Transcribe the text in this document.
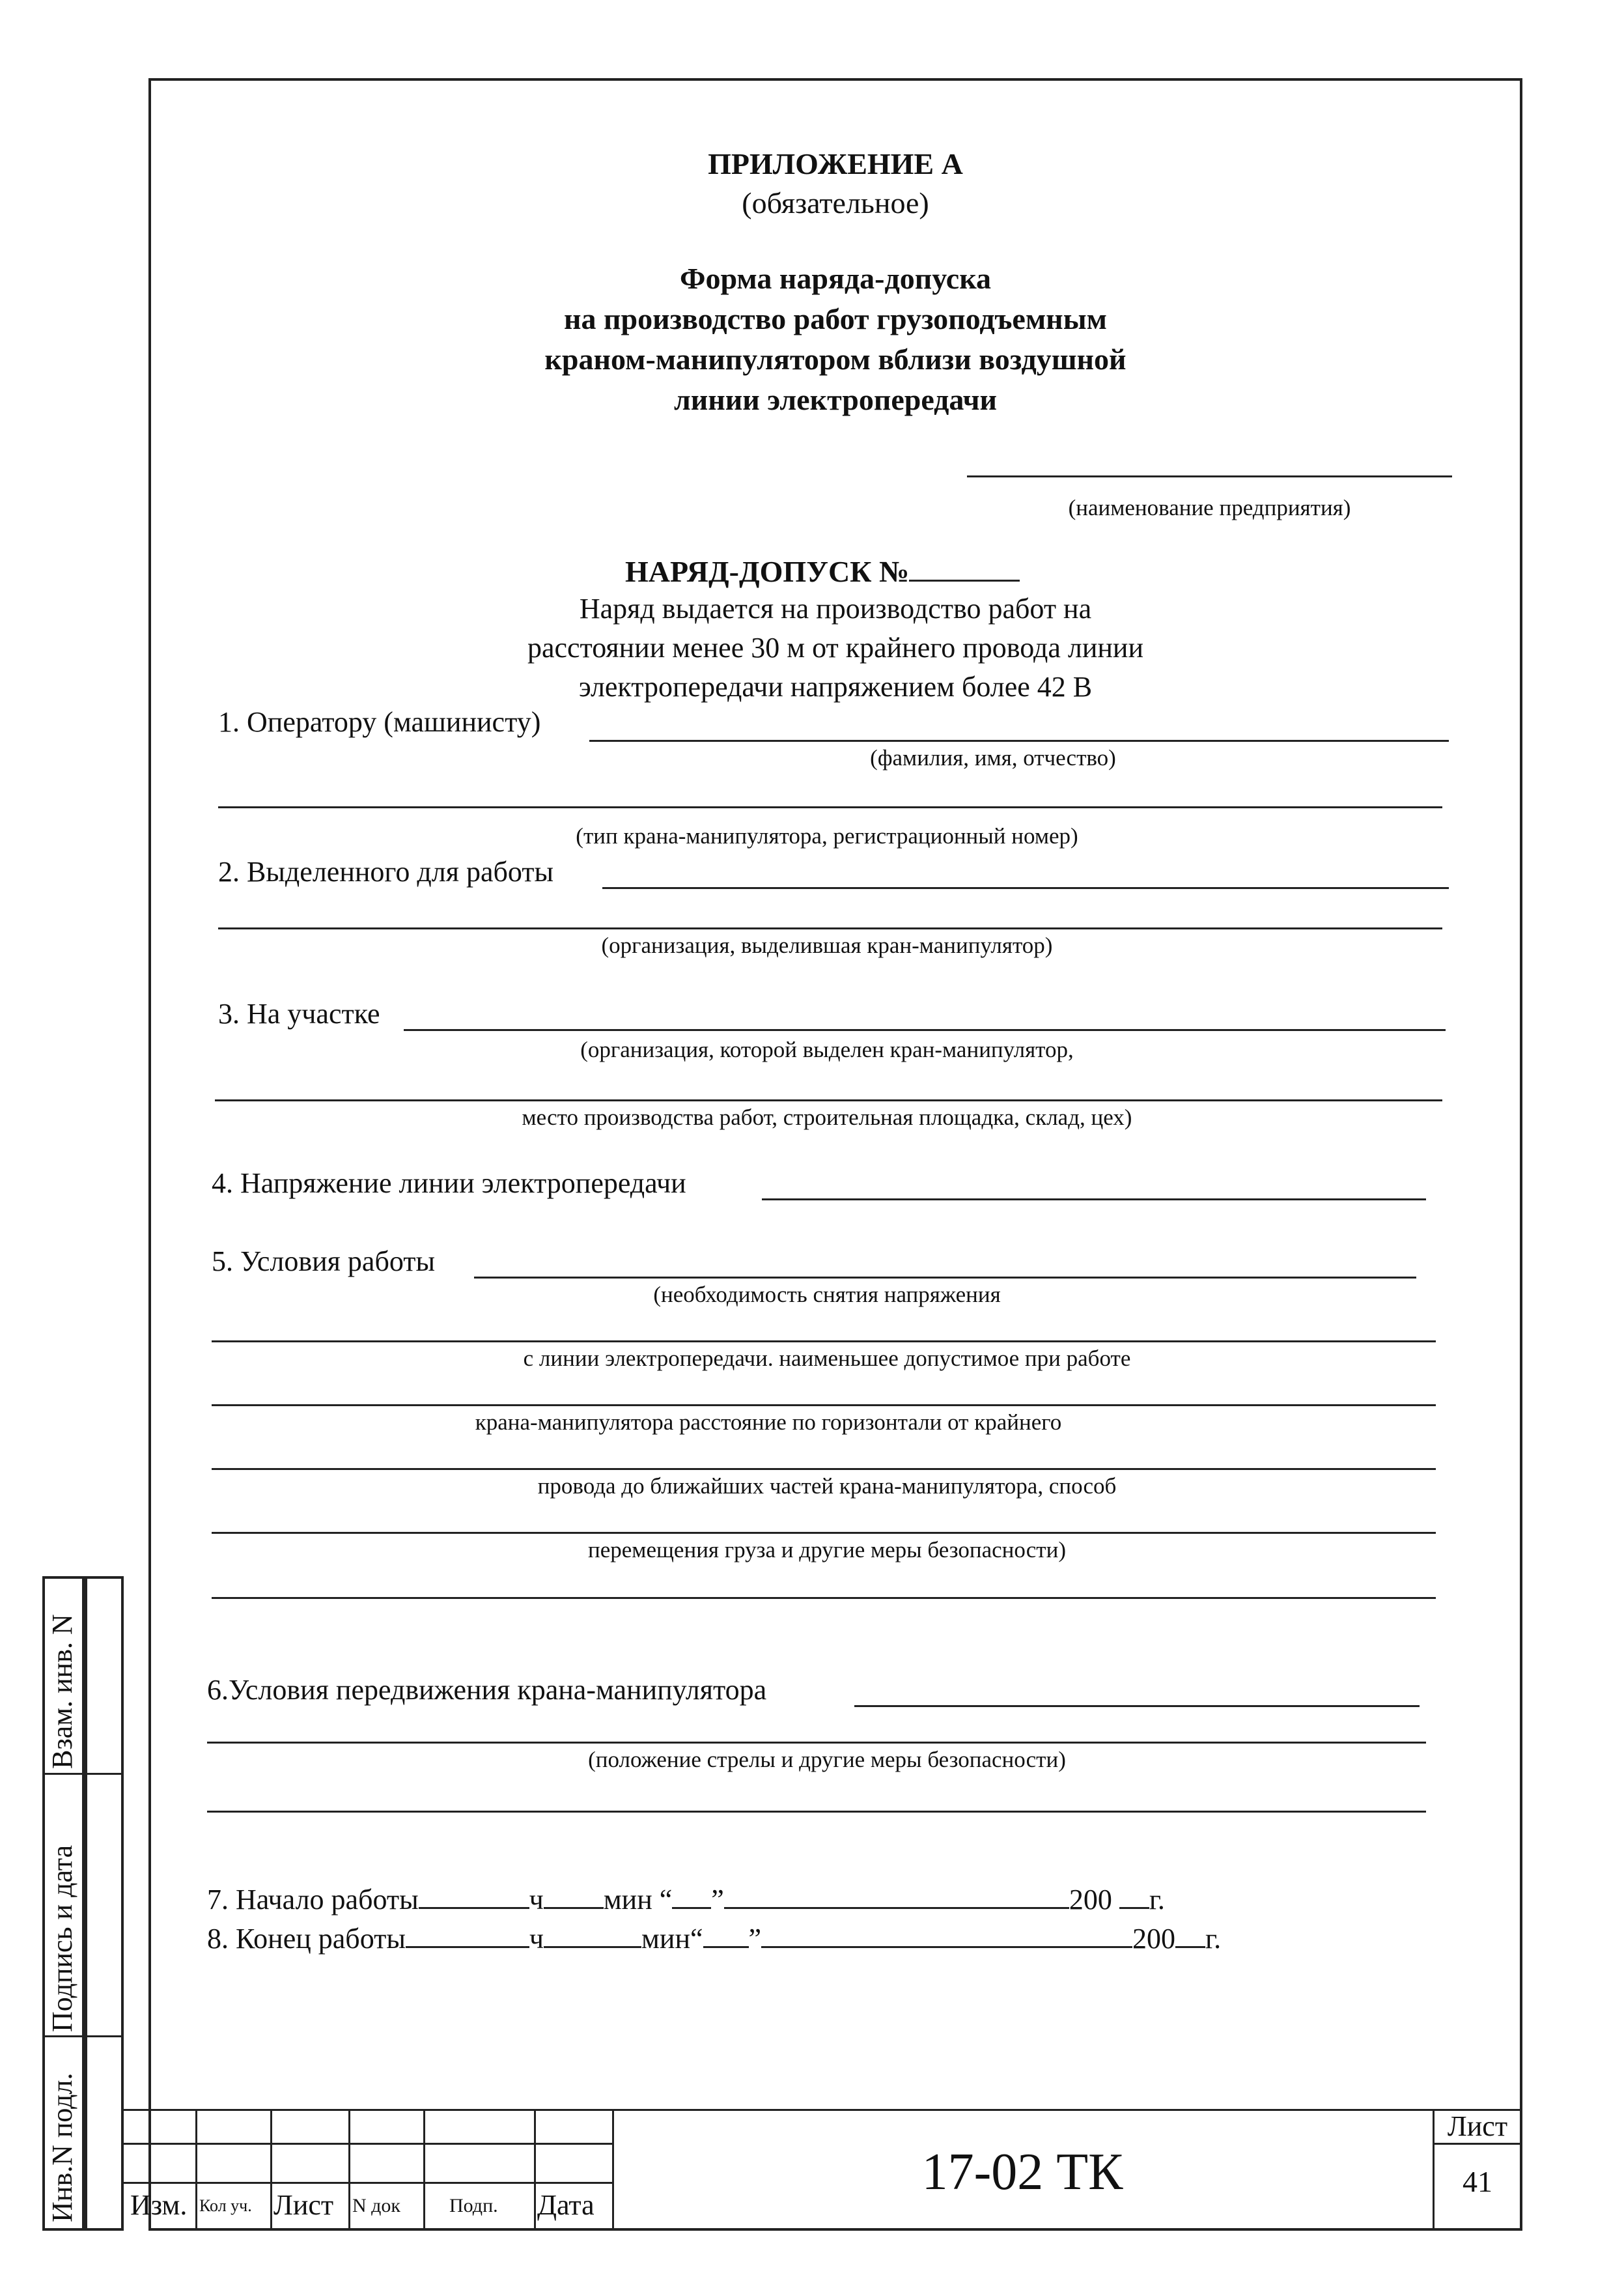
ПРИЛОЖЕНИЕ А
(обязательное)
Форма наряда-допуска
на производство работ грузоподъемным
краном-манипулятором вблизи воздушной
линии электропередачи
(наименование предприятия)
НАРЯД-ДОПУСК №
Наряд выдается на производство работ на
расстоянии менее 30 м от крайнего провода линии
электропередачи напряжением более 42 В
1. Оператору (машинисту)
(фамилия, имя, отчество)
(тип крана-манипулятора, регистрационный номер)
2. Выделенного для работы
(организация, выделившая кран-манипулятор)
3. На участке
(организация, которой выделен кран-манипулятор,
место производства работ, строительная площадка, склад, цех)
4. Напряжение линии электропередачи
5. Условия работы
(необходимость снятия напряжения
с линии электропередачи. наименьшее допустимое при работе
крана-манипулятора расстояние по горизонтали от крайнего
провода до ближайших частей крана-манипулятора, способ
перемещения груза и другие меры безопасности)
6.Условия передвижения крана-манипулятора
(положение стрелы и другие меры безопасности)
7. Начало работы	ч мин “ ”	200 г.
8. Конец работы	ч	мин“ ”	200 г.
Инв.N подл.
Подпись и дата
Взам. инв. N
Изм. Кол уч. Лист N док Подп. Дата
17-02 ТК
Лист
41
